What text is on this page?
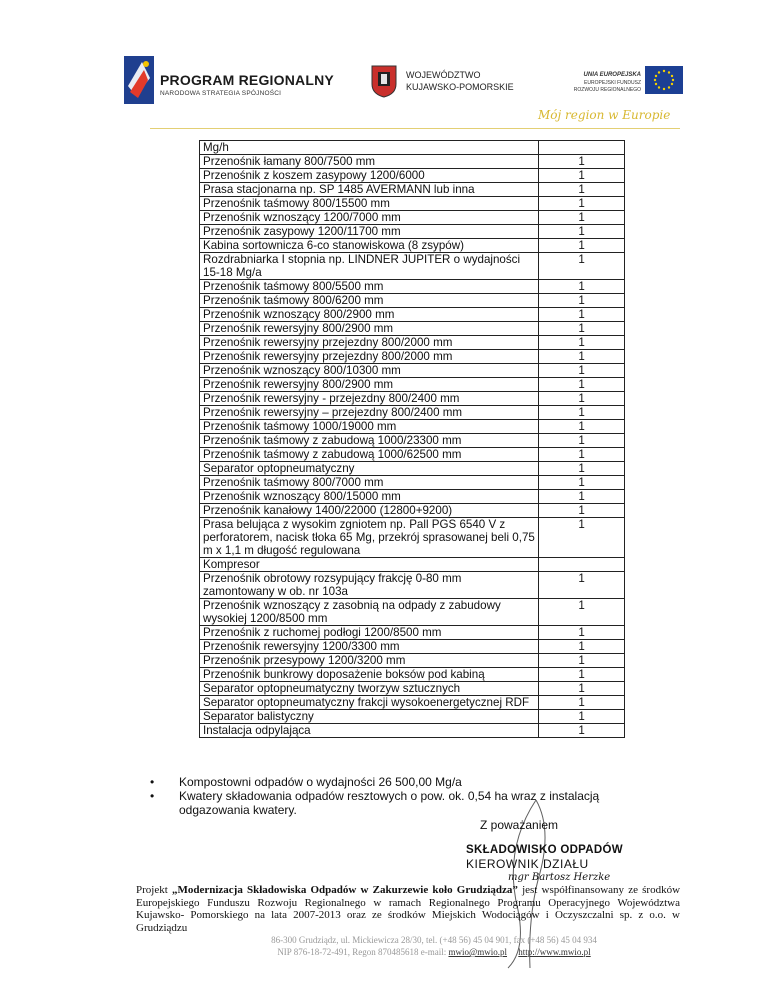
PROGRAM REGIONALNY
NARODOWA STRATEGIA SPÓJNOŚCI
WOJEWÓDZTWO
KUJAWSKO-POMORSKIE
UNIA EUROPEJSKA
EUROPEJSKI FUNDUSZ
ROZWOJU REGIONALNEGO
Mój region w Europie
Mg/h	
Przenośnik łamany 800/7500 mm	1
Przenośnik z koszem zasypowy 1200/6000	1
Prasa stacjonarna np. SP 1485 AVERMANN lub inna	1
Przenośnik taśmowy 800/15500 mm	1
Przenośnik wznoszący 1200/7000 mm	1
Przenośnik zasypowy 1200/11700 mm	1
Kabina sortownicza 6-co stanowiskowa (8 zsypów)	1
Rozdrabniarka I stopnia np. LINDNER JUPITER o wydajności 15-18 Mg/a	1
Przenośnik taśmowy 800/5500 mm	1
Przenośnik taśmowy 800/6200 mm	1
Przenośnik wznoszący 800/2900 mm	1
Przenośnik rewersyjny 800/2900 mm	1
Przenośnik rewersyjny przejezdny 800/2000 mm	1
Przenośnik rewersyjny przejezdny 800/2000 mm	1
Przenośnik wznoszący 800/10300 mm	1
Przenośnik rewersyjny 800/2900 mm	1
Przenośnik rewersyjny - przejezdny 800/2400 mm	1
Przenośnik rewersyjny – przejezdny 800/2400 mm	1
Przenośnik taśmowy 1000/19000 mm	1
Przenośnik taśmowy z zabudową 1000/23300 mm	1
Przenośnik taśmowy z zabudową 1000/62500 mm	1
Separator optopneumatyczny	1
Przenośnik taśmowy 800/7000 mm	1
Przenośnik wznoszący 800/15000 mm	1
Przenośnik kanałowy 1400/22000 (12800+9200)	1
Prasa belująca z wysokim zgniotem np. Pall PGS 6540 V z perforatorem, nacisk tłoka 65 Mg, przekrój sprasowanej beli 0,75 m x 1,1 m długość regulowana	1
Kompresor	
Przenośnik obrotowy rozsypujący frakcję 0-80 mm zamontowany w ob. nr 103a	1
Przenośnik wznoszący z zasobnią na odpady z zabudowy wysokiej 1200/8500 mm	1
Przenośnik z ruchomej podłogi 1200/8500 mm	1
Przenośnik rewersyjny 1200/3300 mm	1
Przenośnik przesypowy 1200/3200 mm	1
Przenośnik bunkrowy doposażenie boksów pod kabiną	1
Separator optopneumatyczny tworzyw sztucznych	1
Separator optopneumatyczny frakcji wysokoenergetycznej RDF	1
Separator balistyczny	1
Instalacja odpylająca	1
• Kompostowni odpadów o wydajności 26 500,00 Mg/a
• Kwatery składowania odpadów resztowych o pow. ok. 0,54 ha wraz z instalacją odgazowania kwatery.
Z poważaniem
SKŁADOWISKO ODPADÓW
KIEROWNIK DZIAŁU
mgr Bartosz Herzke
Projekt „Modernizacja Składowiska Odpadów w Zakurzewie koło Grudziądza” jest współfinansowany ze środków Europejskiego Funduszu Rozwoju Regionalnego w ramach Regionalnego Programu Operacyjnego Województwa Kujawsko- Pomorskiego na lata 2007-2013 oraz ze środków Miejskich Wodociągów i Oczyszczalni sp. z o.o. w Grudziądzu
86-300 Grudziądz, ul. Mickiewicza 28/30, tel. (+48 56) 45 04 901, fax (+48 56) 45 04 934
NIP 876-18-72-491, Regon 870485618 e-mail: mwio@mwio.pl http://www.mwio.pl
